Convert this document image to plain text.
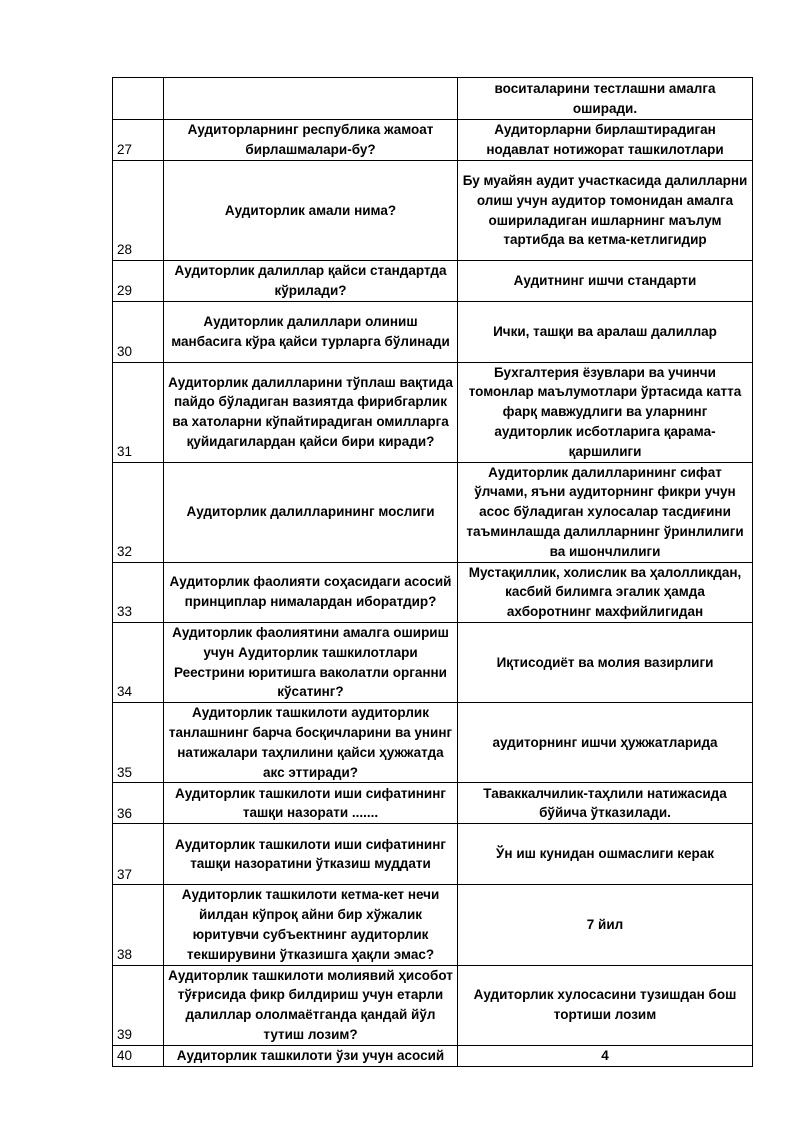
		воситаларини тестлашни амалга оширади.
27	Аудиторларнинг республика жамоат бирлашмалари-бу?	Аудиторларни бирлаштирадиган нодавлат нотижорат ташкилотлари
28	Аудиторлик амали нима?	Бу муайян аудит участкасида далилларни олиш учун аудитор томонидан амалга ошириладиган ишларнинг маълум тартибда ва кетма-кетлигидир
29	Аудиторлик далиллар қайси стандартда кўрилади?	Аудитнинг ишчи стандарти
30	Аудиторлик далиллари олиниш манбасига кўра қайси турларга бўлинади	Ички, ташқи ва аралаш далиллар
31	Аудиторлик далилларини тўплаш вақтида пайдо бўладиган вазиятда фирибгарлик ва хатоларни кўпайтирадиган омилларга қуйидагилардан қайси бири киради?	Бухгалтерия ёзувлари ва учинчи томонлар маълумотлари ўртасида катта фарқ мавжудлиги ва уларнинг аудиторлик исботларига қарама-қаршилиги
32	Аудиторлик далилларининг мослиги	Аудиторлик далилларининг сифат ўлчами, яъни аудиторнинг фикри учун асос бўладиган хулосалар тасдиғини таъминлашда далилларнинг ўринлилиги ва ишончлилиги
33	Аудиторлик фаолияти соҳасидаги асосий принциплар нималардан иборатдир?	Мустақиллик, холислик ва ҳалолликдан, касбий билимга эгалик ҳамда ахборотнинг махфийлигидан
34	Аудиторлик фаолиятини амалга ошириш учун Аудиторлик ташкилотлари Реестрини юритишга ваколатли органни кўсатинг?	Иқтисодиёт ва молия вазирлиги
35	Аудиторлик ташкилоти аудиторлик танлашнинг барча босқичларини ва унинг натижалари таҳлилини қайси ҳужжатда акс эттиради?	аудиторнинг ишчи ҳужжатларида
36	Аудиторлик ташкилоти иши сифатининг ташқи назорати .......	Таваккалчилик-таҳлили натижасида бўйича ўтказилади.
37	Аудиторлик ташкилоти иши сифатининг ташқи назоратини ўтказиш муддати	Ўн иш кунидан ошмаслиги керак
38	Аудиторлик ташкилоти кетма-кет нечи йилдан кўпроқ айни бир хўжалик юритувчи субъектнинг аудиторлик текширувини ўтказишга ҳақли эмас?	7 йил
39	Аудиторлик ташкилоти молиявий ҳисобот тўғрисида фикр билдириш учун етарли далиллар ололмаётганда қандай йўл тутиш лозим?	Аудиторлик хулосасини тузишдан бош тортиши лозим
40	Аудиторлик ташкилоти ўзи учун асосий	4
